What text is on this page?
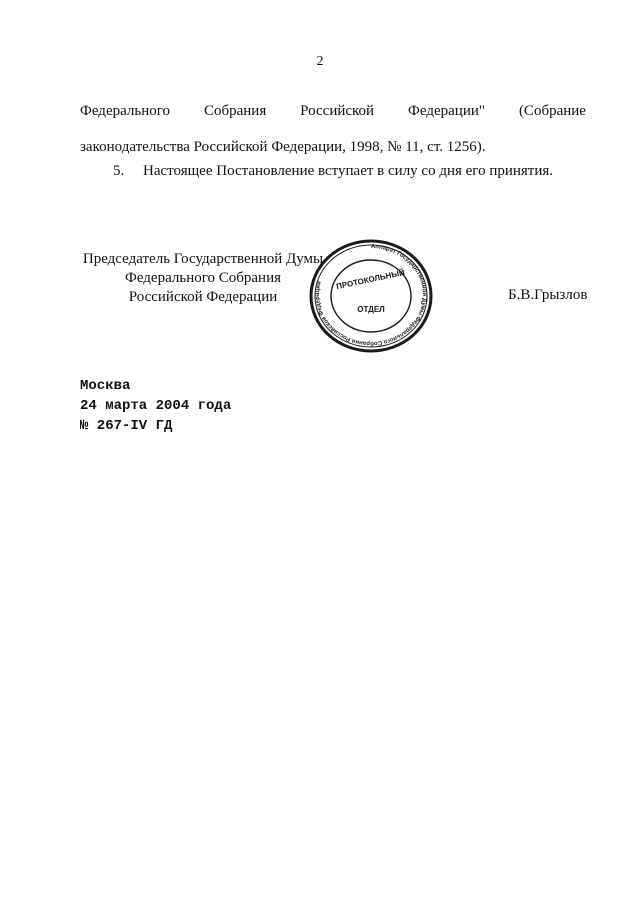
2
Федерального Собрания Российской Федерации" (Собрание
законодательства Российской Федерации, 1998, № 11, ст. 1256).
5. Настоящее Постановление вступает в силу со дня его принятия.
Председатель Государственной Думы
Федерального Собрания
Российской Федерации	Б.В.Грызлов
Аппарат Государственной Думы Федерального Собрания Российской Федерации	ПРОТОКОЛЬНЫЙ
ОТДЕЛ
Москва
24 марта 2004 года
№ 267-IV ГД
